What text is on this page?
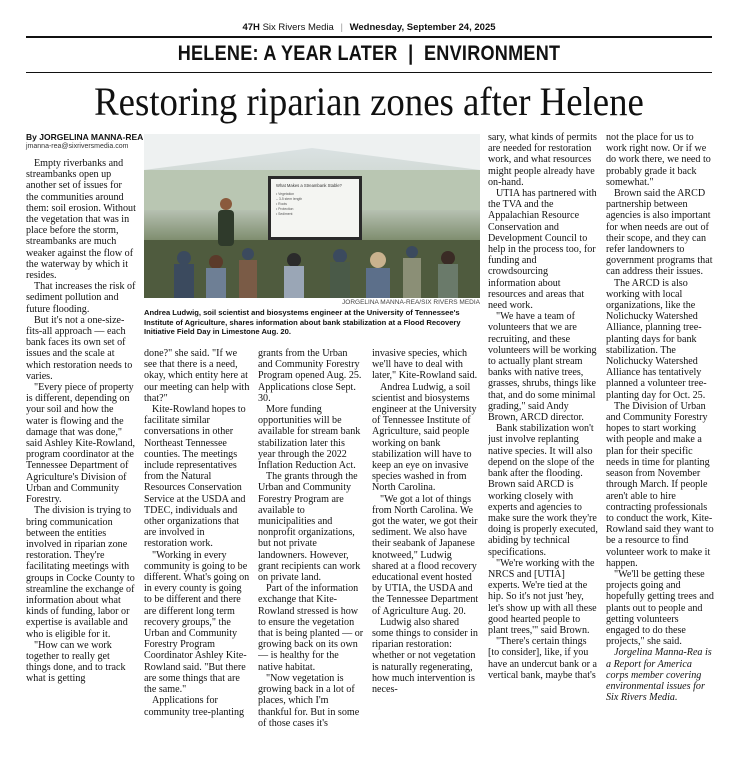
47H Six Rivers Media | Wednesday, September 24, 2025
HELENE: A YEAR LATER  |  ENVIRONMENT
Restoring riparian zones after Helene
By JORGELINA MANNA-REA
jmanna-rea@sixriversmedia.com
What Makes a Streambank Stable?
• Vegetation
– 3-5 stem length
• Roots
• Protection
• Sediment
JORGELINA MANNA-REA/SIX RIVERS MEDIA
Andrea Ludwig, soil scientist and biosystems engineer at the University of Tennessee's Institute of Agriculture, shares information about bank stabilization at a Flood Recovery Initiative Field Day in Limestone Aug. 20.

Empty riverbanks and streambanks open up another set of issues for the communities around them: soil erosion. Without the vegetation that was in place before the storm, streambanks are much weaker against the flow of the waterway by which it resides.

That increases the risk of sediment pollution and future flooding.

But it's not a one-size-fits-all approach — each bank faces its own set of issues and the scale at which restoration needs to varies.

"Every piece of property is different, depending on your soil and how the water is flowing and the damage that was done," said Ashley Kite-Rowland, program coordinator at the Tennessee Department of Agriculture's Division of Urban and Community Forestry.

The division is trying to bring communication between the entities involved in riparian zone restoration. They're facilitating meetings with groups in Cocke County to streamline the exchange of information about what kinds of funding, labor or expertise is available and who is eligible for it.

"How can we work together to really get things done, and to track what is getting

done?" she said. "If we see that there is a need, okay, which entity here at our meeting can help with that?"

Kite-Rowland hopes to facilitate similar conversations in other Northeast Tennessee counties. The meetings include representatives from the Natural Resources Conservation Service at the USDA and TDEC, individuals and other organizations that are involved in restoration work.

"Working in every community is going to be different. What's going on in every county is going to be different and there are different long term recovery groups," the Urban and Community Forestry Program Coordinator Ashley Kite-Rowland said. "But there are some things that are the same."

Applications for community tree-planting

grants from the Urban and Community Forestry Program opened Aug. 25. Applications close Sept. 30.

More funding opportunities will be available for stream bank stabilization later this year through the 2022 Inflation Reduction Act.

The grants through the Urban and Community Forestry Program are available to municipalities and nonprofit organizations, but not private landowners. However, grant recipients can work on private land.

Part of the information exchange that Kite-Rowland stressed is how to ensure the vegetation that is being planted — or growing back on its own — is healthy for the native habitat.

"Now vegetation is growing back in a lot of places, which I'm thankful for. But in some of those cases it's

invasive species, which we'll have to deal with later," Kite-Rowland said.

Andrea Ludwig, a soil scientist and biosystems engineer at the University of Tennessee Institute of Agriculture, said people working on bank stabilization will have to keep an eye on invasive species washed in from North Carolina.

"We got a lot of things from North Carolina. We got the water, we got their sediment. We also have their seabank of Japanese knotweed," Ludwig shared at a flood recovery educational event hosted by UTIA, the USDA and the Tennessee Department of Agriculture Aug. 20.

Ludwig also shared some things to consider in riparian restoration: whether or not vegetation is naturally regenerating, how much intervention is neces-

sary, what kinds of permits are needed for restoration work, and what resources might people already have on-hand.

UTIA has partnered with the TVA and the Appalachian Resource Conservation and Development Council to help in the process too, for funding and crowdsourcing information about resources and areas that need work.

"We have a team of volunteers that we are recruiting, and these volunteers will be working to actually plant stream banks with native trees, grasses, shrubs, things like that, and do some minimal grading," said Andy Brown, ARCD director.

Bank stabilization won't just involve replanting native species. It will also depend on the slope of the bank after the flooding. Brown said ARCD is working closely with experts and agencies to make sure the work they're doing is properly executed, abiding by technical specifications.

"We're working with the NRCS and [UTIA] experts. We're tied at the hip. So it's not just 'hey, let's show up with all these good hearted people to plant trees,'" said Brown.

"There's certain things [to consider], like, if you have an undercut bank or a vertical bank, maybe that's

not the place for us to work right now. Or if we do work there, we need to probably grade it back somewhat."

Brown said the ARCD partnership between agencies is also important for when needs are out of their scope, and they can refer landowners to government programs that can address their issues.

The ARCD is also working with local organizations, like the Nolichucky Watershed Alliance, planning tree-planting days for bank stabilization. The Nolichucky Watershed Alliance has tentatively planned a volunteer tree-planting day for Oct. 25.

The Division of Urban and Community Forestry hopes to start working with people and make a plan for their specific needs in time for planting season from November through March. If people aren't able to hire contracting professionals to conduct the work, Kite-Rowland said they want to be a resource to find volunteer work to make it happen.

"We'll be getting these projects going and hopefully getting trees and plants out to people and getting volunteers engaged to do these projects," she said.

Jorgelina Manna-Rea is a Report for America corps member covering environmental issues for Six Rivers Media.
